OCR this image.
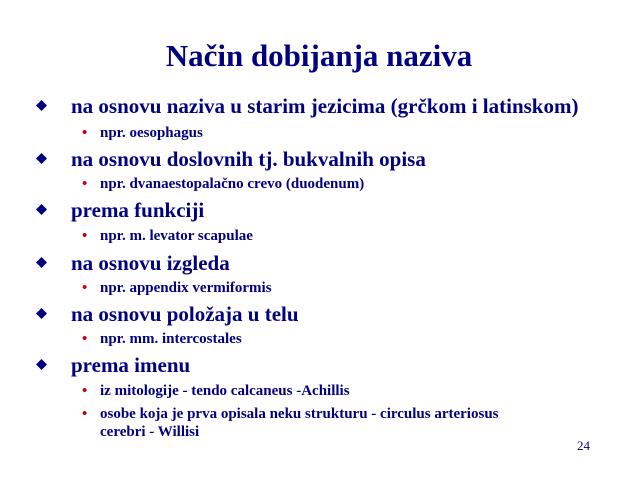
Način dobijanja naziva
na osnovu naziva u starim jezicima (grčkom i latinskom)
• npr. oesophagus
na osnovu doslovnih tj. bukvalnih opisa
• npr. dvanaestopalačno crevo (duodenum)
prema funkciji
• npr. m. levator scapulae
na osnovu izgleda
• npr. appendix vermiformis
na osnovu položaja u telu
• npr. mm. intercostales
prema imenu
• iz mitologije - tendo calcaneus -Achillis
• osobe koja je prva opisala neku strukturu - circulus arteriosus
cerebri - Willisi
24
